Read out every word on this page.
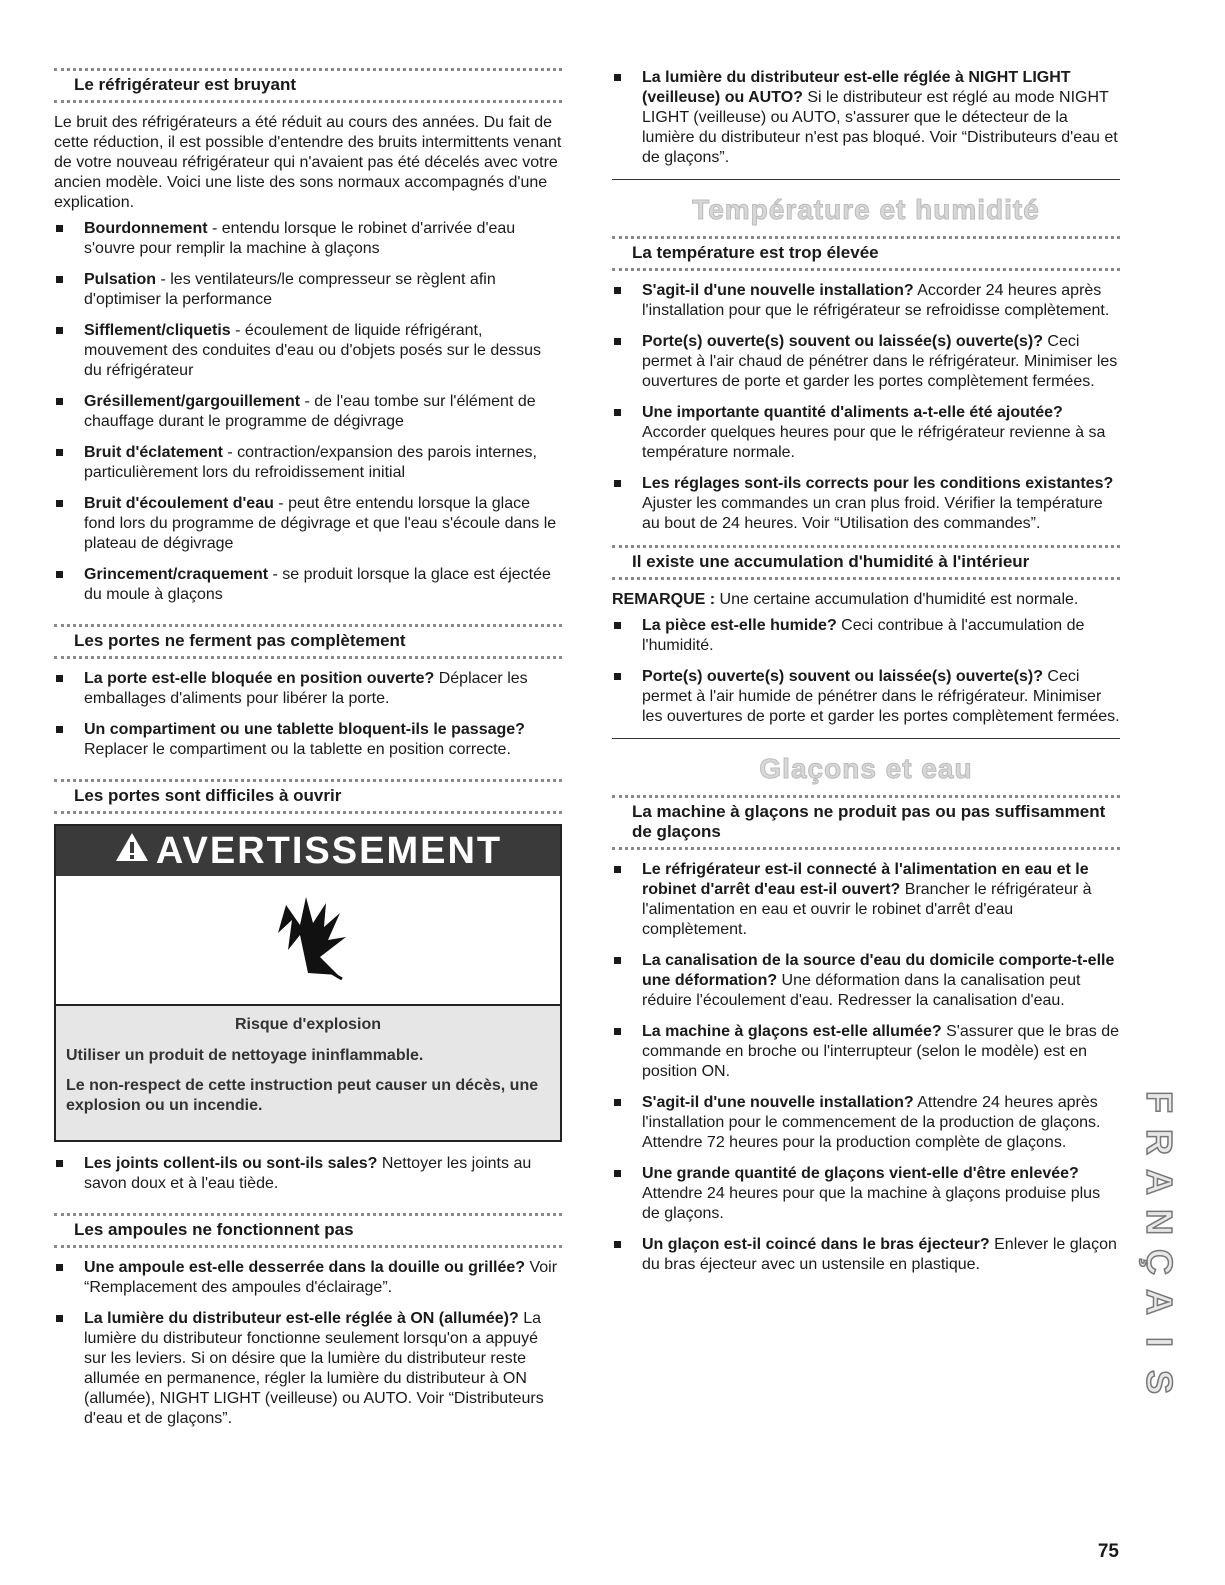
Le réfrigérateur est bruyant

Le bruit des réfrigérateurs a été réduit au cours des années. Du fait de cette réduction, il est possible d'entendre des bruits intermittents venant de votre nouveau réfrigérateur qui n'avaient pas été décelés avec votre ancien modèle. Voici une liste des sons normaux accompagnés d'une explication.

Bourdonnement - entendu lorsque le robinet d'arrivée d'eau s'ouvre pour remplir la machine à glaçons
Pulsation - les ventilateurs/le compresseur se règlent afin d'optimiser la performance
Sifflement/cliquetis - écoulement de liquide réfrigérant, mouvement des conduites d'eau ou d'objets posés sur le dessus du réfrigérateur
Grésillement/gargouillement - de l'eau tombe sur l'élément de chauffage durant le programme de dégivrage
Bruit d'éclatement - contraction/expansion des parois internes, particulièrement lors du refroidissement initial
Bruit d'écoulement d'eau - peut être entendu lorsque la glace fond lors du programme de dégivrage et que l'eau s'écoule dans le plateau de dégivrage
Grincement/craquement - se produit lorsque la glace est éjectée du moule à glaçons
Les portes ne ferment pas complètement
La porte est-elle bloquée en position ouverte? Déplacer les emballages d'aliments pour libérer la porte.
Un compartiment ou une tablette bloquent-ils le passage? Replacer le compartiment ou la tablette en position correcte.
Les portes sont difficiles à ouvrir
AVERTISSEMENT
Risque d'explosion
Utiliser un produit de nettoyage ininflammable.
Le non-respect de cette instruction peut causer un décès, une explosion ou un incendie.
Les joints collent-ils ou sont-ils sales? Nettoyer les joints au savon doux et à l'eau tiède.
Les ampoules ne fonctionnent pas
Une ampoule est-elle desserrée dans la douille ou grillée? Voir “Remplacement des ampoules d'éclairage”.
La lumière du distributeur est-elle réglée à ON (allumée)? La lumière du distributeur fonctionne seulement lorsqu'on a appuyé sur les leviers. Si on désire que la lumière du distributeur reste allumée en permanence, régler la lumière du distributeur à ON (allumée), NIGHT LIGHT (veilleuse) ou AUTO. Voir “Distributeurs d'eau et de glaçons”.
La lumière du distributeur est-elle réglée à NIGHT LIGHT (veilleuse) ou AUTO? Si le distributeur est réglé au mode NIGHT LIGHT (veilleuse) ou AUTO, s'assurer que le détecteur de la lumière du distributeur n'est pas bloqué. Voir “Distributeurs d'eau et de glaçons”.
Température et humidité
La température est trop élevée
S'agit-il d'une nouvelle installation? Accorder 24 heures après l'installation pour que le réfrigérateur se refroidisse complètement.
Porte(s) ouverte(s) souvent ou laissée(s) ouverte(s)? Ceci permet à l'air chaud de pénétrer dans le réfrigérateur. Minimiser les ouvertures de porte et garder les portes complètement fermées.
Une importante quantité d'aliments a-t-elle été ajoutée? Accorder quelques heures pour que le réfrigérateur revienne à sa température normale.
Les réglages sont-ils corrects pour les conditions existantes? Ajuster les commandes un cran plus froid. Vérifier la température au bout de 24 heures. Voir “Utilisation des commandes”.
Il existe une accumulation d'humidité à l'intérieur

REMARQUE : Une certaine accumulation d'humidité est normale.

La pièce est-elle humide? Ceci contribue à l'accumulation de l'humidité.
Porte(s) ouverte(s) souvent ou laissée(s) ouverte(s)? Ceci permet à l'air humide de pénétrer dans le réfrigérateur. Minimiser les ouvertures de porte et garder les portes complètement fermées.
Glaçons et eau
La machine à glaçons ne produit pas ou pas suffisamment de glaçons
Le réfrigérateur est-il connecté à l'alimentation en eau et le robinet d'arrêt d'eau est-il ouvert? Brancher le réfrigérateur à l'alimentation en eau et ouvrir le robinet d'arrêt d'eau complètement.
La canalisation de la source d'eau du domicile comporte-t-elle une déformation? Une déformation dans la canalisation peut réduire l'écoulement d'eau. Redresser la canalisation d'eau.
La machine à glaçons est-elle allumée? S'assurer que le bras de commande en broche ou l'interrupteur (selon le modèle) est en position ON.
S'agit-il d'une nouvelle installation? Attendre 24 heures après l'installation pour le commencement de la production de glaçons. Attendre 72 heures pour la production complète de glaçons.
Une grande quantité de glaçons vient-elle d'être enlevée? Attendre 24 heures pour que la machine à glaçons produise plus de glaçons.
Un glaçon est-il coincé dans le bras éjecteur? Enlever le glaçon du bras éjecteur avec un ustensile en plastique.
F
R
A
N
Ç
A
I
S
75
